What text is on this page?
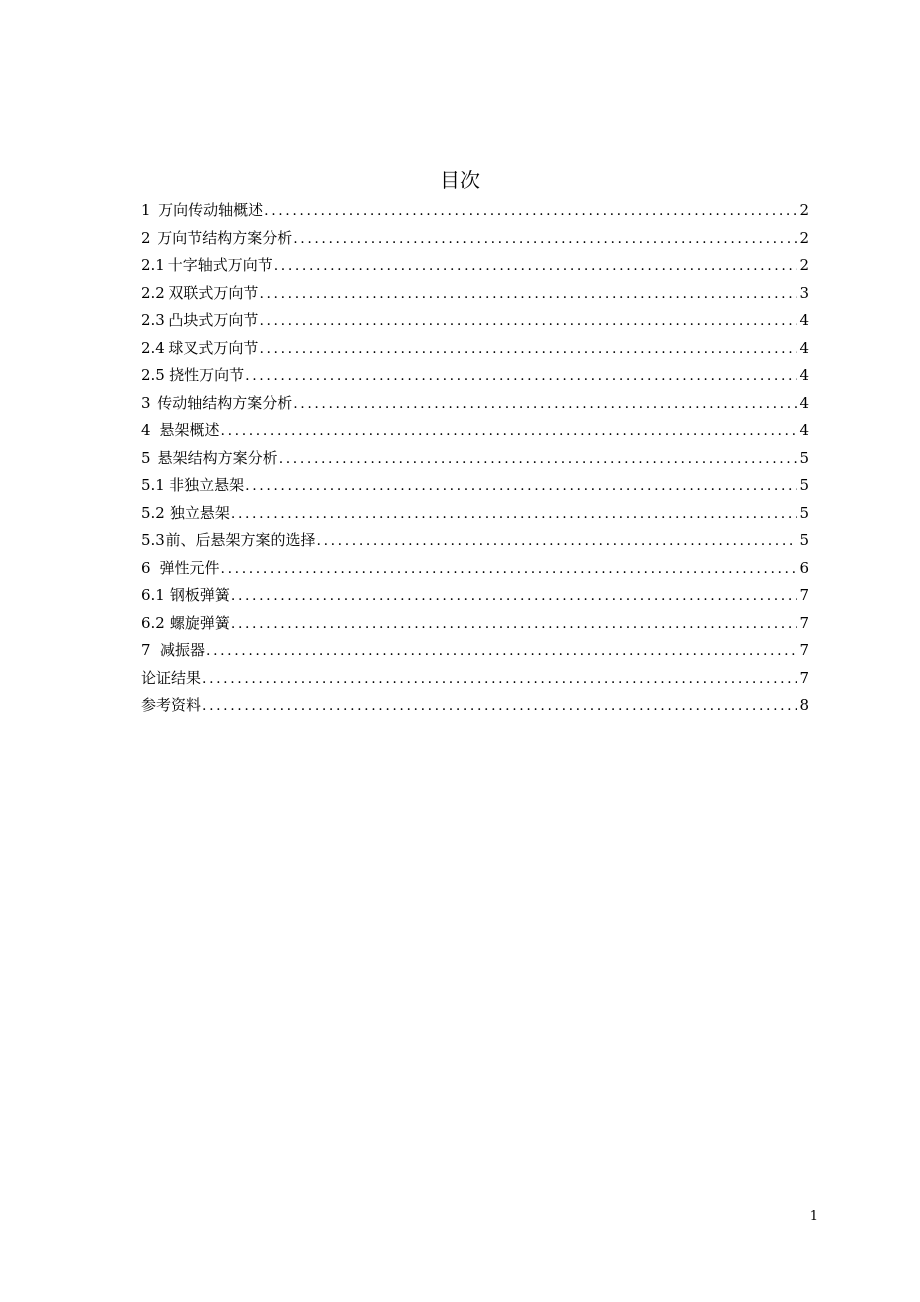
目次
1 万向传动轴概述 .....	2
2 万向节结构方案分析 .....	2
2.1 十字轴式万向节 .....	2
2.2 双联式万向节 .....	3
2.3 凸块式万向节 .....	4
2.4 球叉式万向节 .....	4
2.5 挠性万向节 .....	4
3 传动轴结构方案分析 .....	4
4 悬架概述 .....	4
5 悬架结构方案分析 .....	5
5.1 非独立悬架 .....	5
5.2 独立悬架 .....	5
5.3 前、后悬架方案的选择 .....	5
6 弹性元件 .....	6
6.1 钢板弹簧 .....	7
6.2 螺旋弹簧 .....	7
7 减振器 .....	7
论证结果 .....	7
参考资料 .....	8
1
